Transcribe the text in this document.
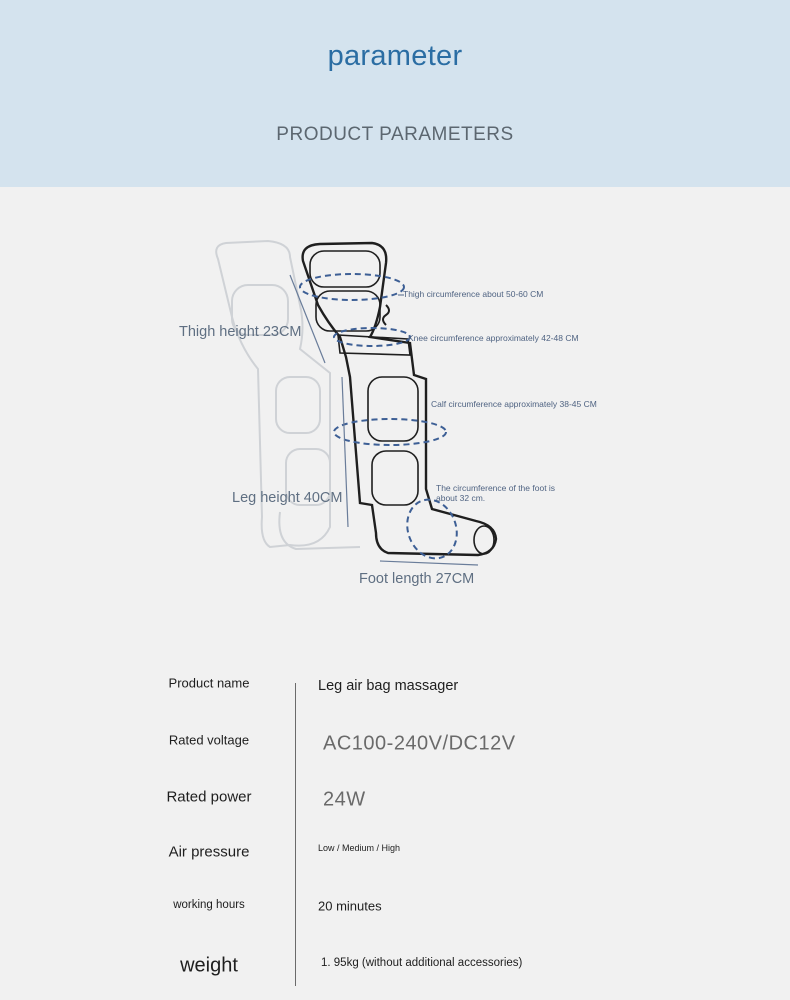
parameter
PRODUCT PARAMETERS
Thigh height 23CM
Leg height 40CM
Foot length 27CM
Thigh circumference about 50-60 CM
Knee circumference approximately 42-48 CM
Calf circumference approximately 38-45 CM
The circumference of the foot is about 32 cm.
Product name	Leg air bag massager
Rated voltage	AC100-240V/DC12V
Rated power	24W
Air pressure	Low / Medium / High
working hours	20 minutes
weight	1. 95kg (without additional accessories)
